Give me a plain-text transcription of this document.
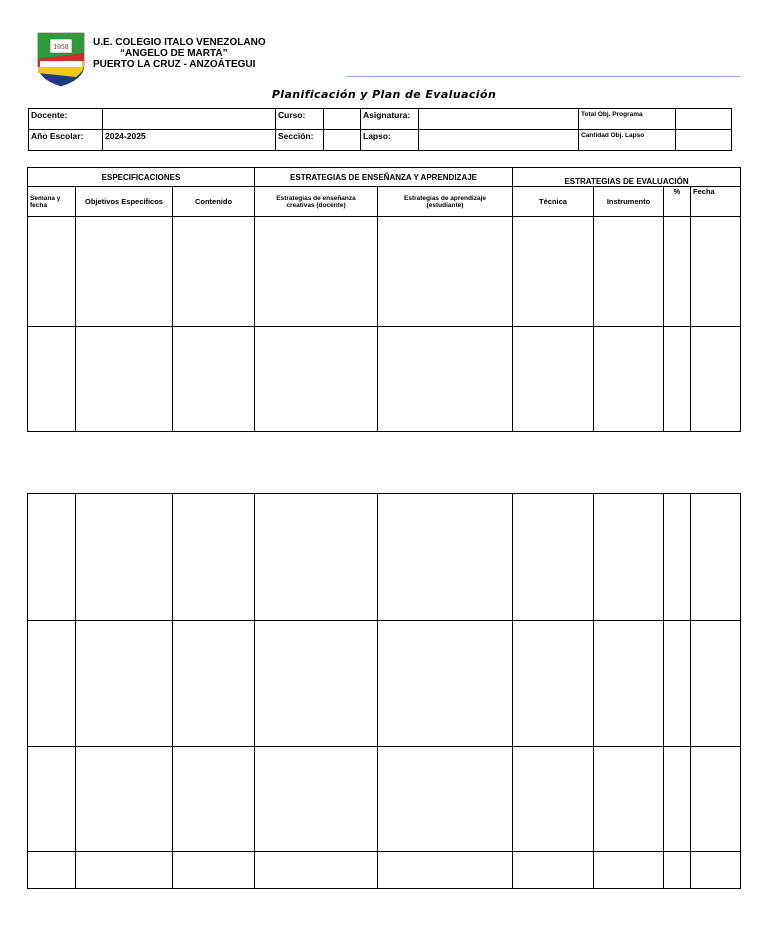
1958 U.E. COLEGIO ITALO VENEZOLANO
“ANGELO DE MARTA”
PUERTO LA CRUZ - ANZOÁTEGUI
Planificación y Plan de Evaluación
Docente:		Curso:		Asignatura:		Total Obj. Programa	
Año Escolar:	2024-2025	Sección:		Lapso:		Cantidad Obj. Lapso	
ESPECIFICACIONES			ESTRATEGIAS DE ENSEÑANZA Y APRENDIZAJE		ESTRATEGIAS DE EVALUACIÓN			
Semana y fecha	Objetivos Específicos	Contenido	Estrategias de enseñanza creativas (docente)	Estrategias de aprendizaje (estudiante)	Técnica	Instrumento	%	Fecha
